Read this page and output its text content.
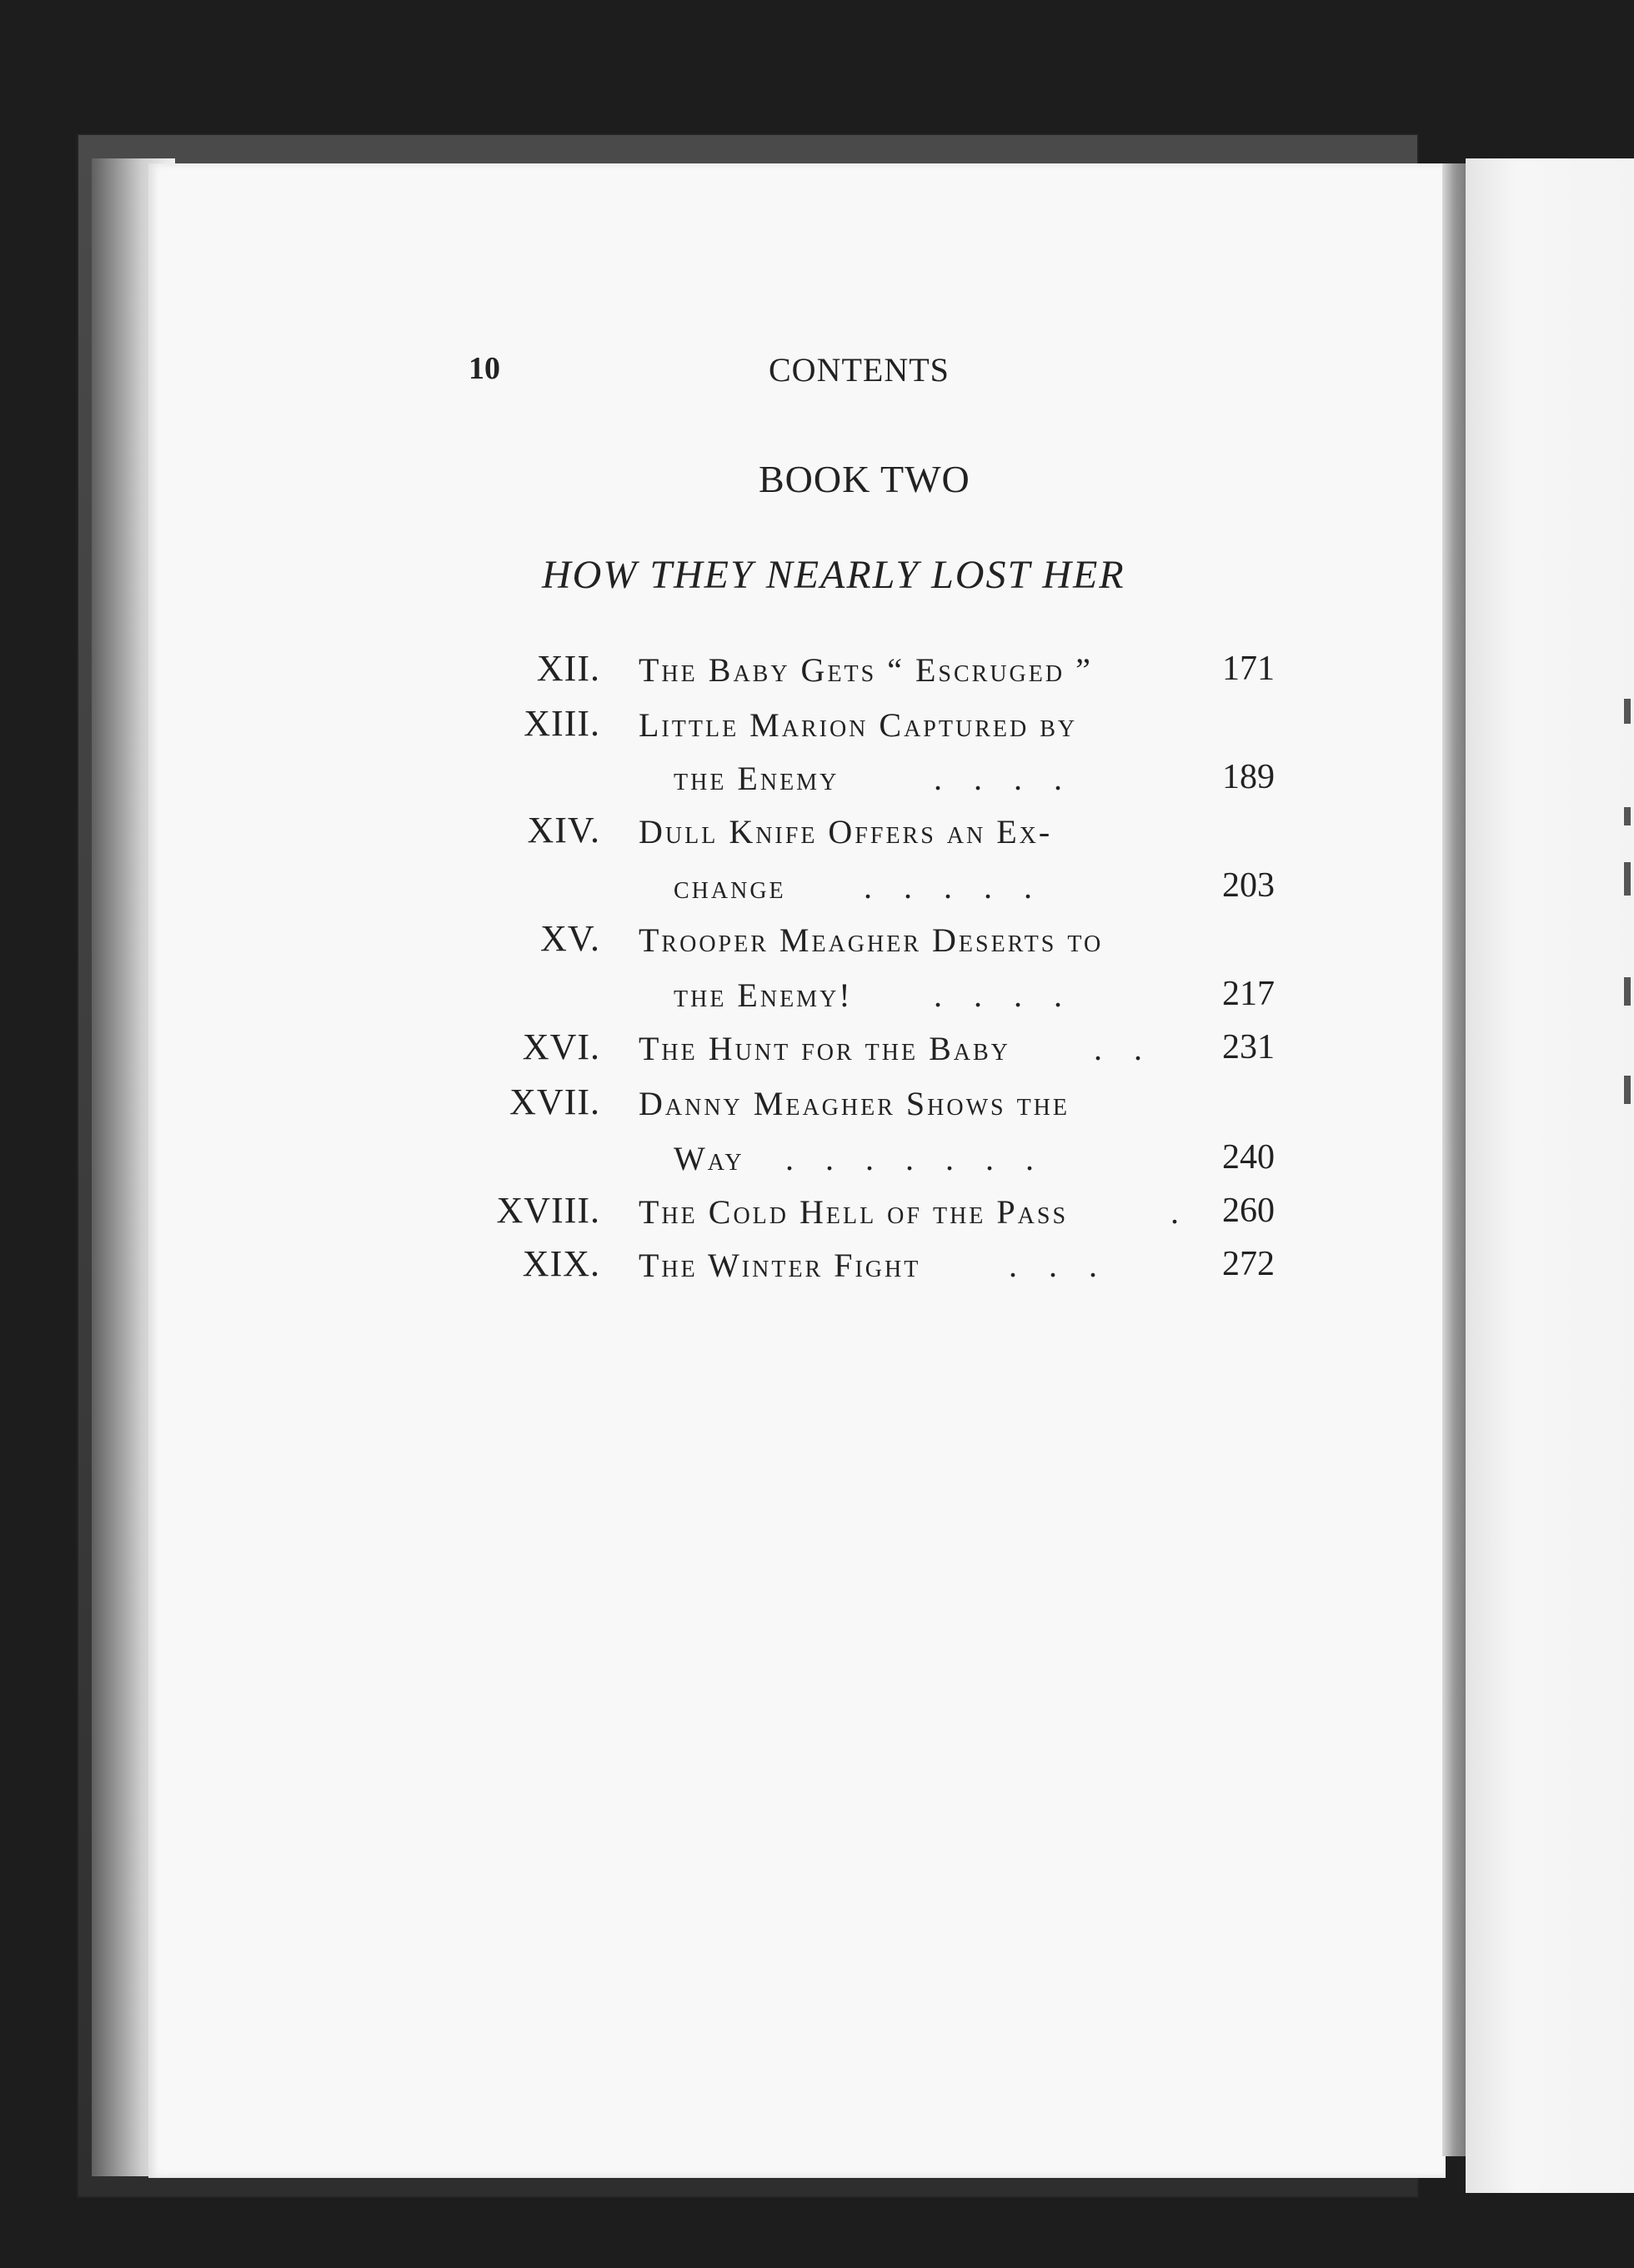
10	CONTENTS
BOOK TWO
HOW THEY NEARLY LOST HER
XII. The Baby Gets “ Escruged ”	171
XIII. Little Marion Captured by
the Enemy	....	189
XIV. Dull Knife Offers an Ex-
change .....	203
XV. Trooper Meagher Deserts to
the Enemy! ....	217
XVI. The Hunt for the Baby	.. 231
XVII. Danny Meagher Shows the
Way .......	240
XVIII. The Cold Hell of the Pass	. 260
XIX. The Winter Fight	...	272
